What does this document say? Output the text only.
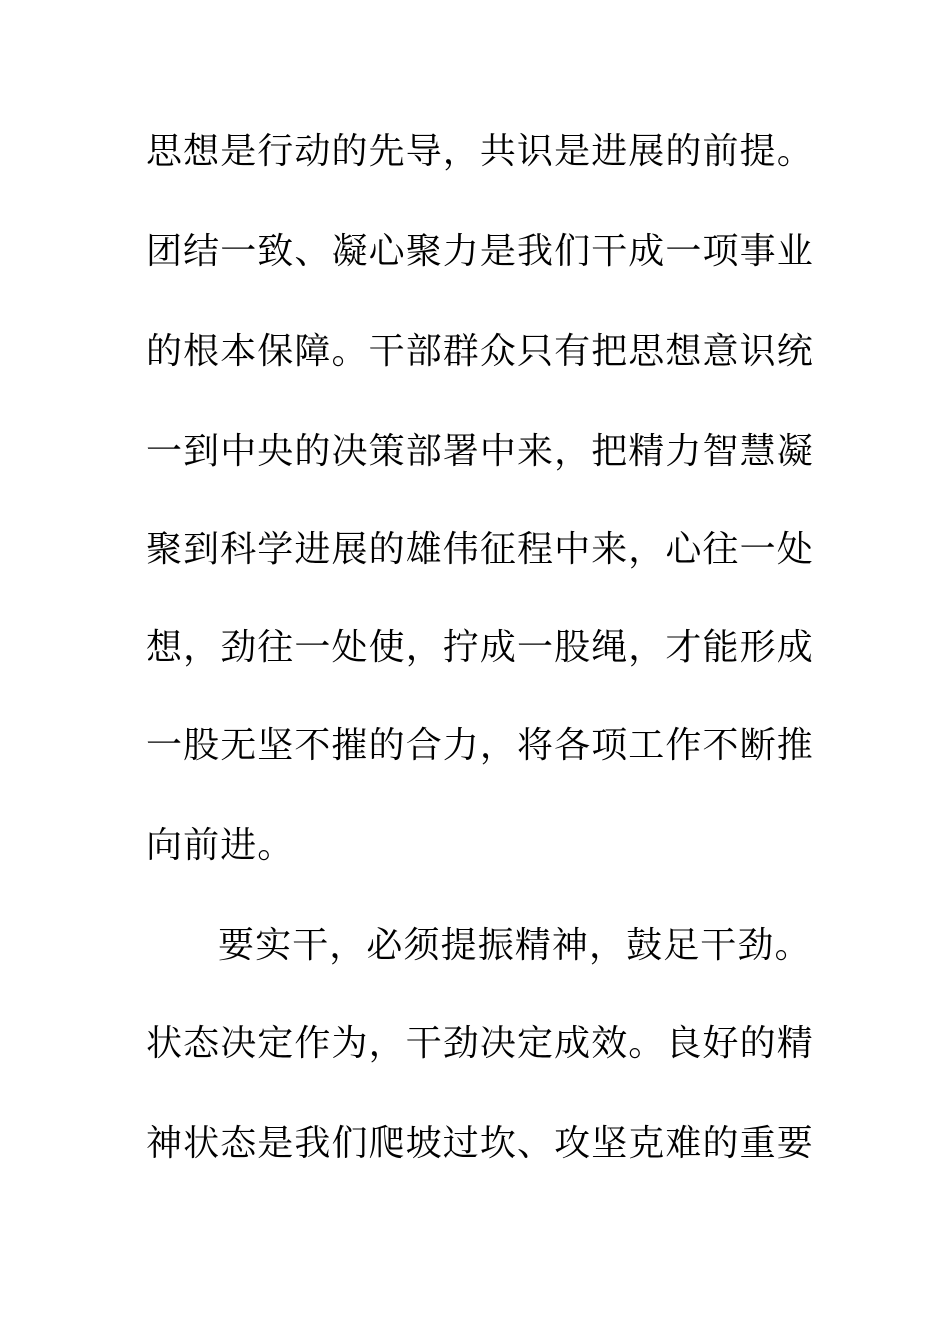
思想是行动的先导，共识是进展的前提。
团结一致、凝心聚力是我们干成一项事业
的根本保障。干部群众只有把思想意识统
一到中央的决策部署中来，把精力智慧凝
聚到科学进展的雄伟征程中来，心往一处
想，劲往一处使，拧成一股绳，才能形成
一股无坚不摧的合力，将各项工作不断推
向前进。
要实干，必须提振精神，鼓足干劲。
状态决定作为，干劲决定成效。良好的精
神状态是我们爬坡过坎、攻坚克难的重要
